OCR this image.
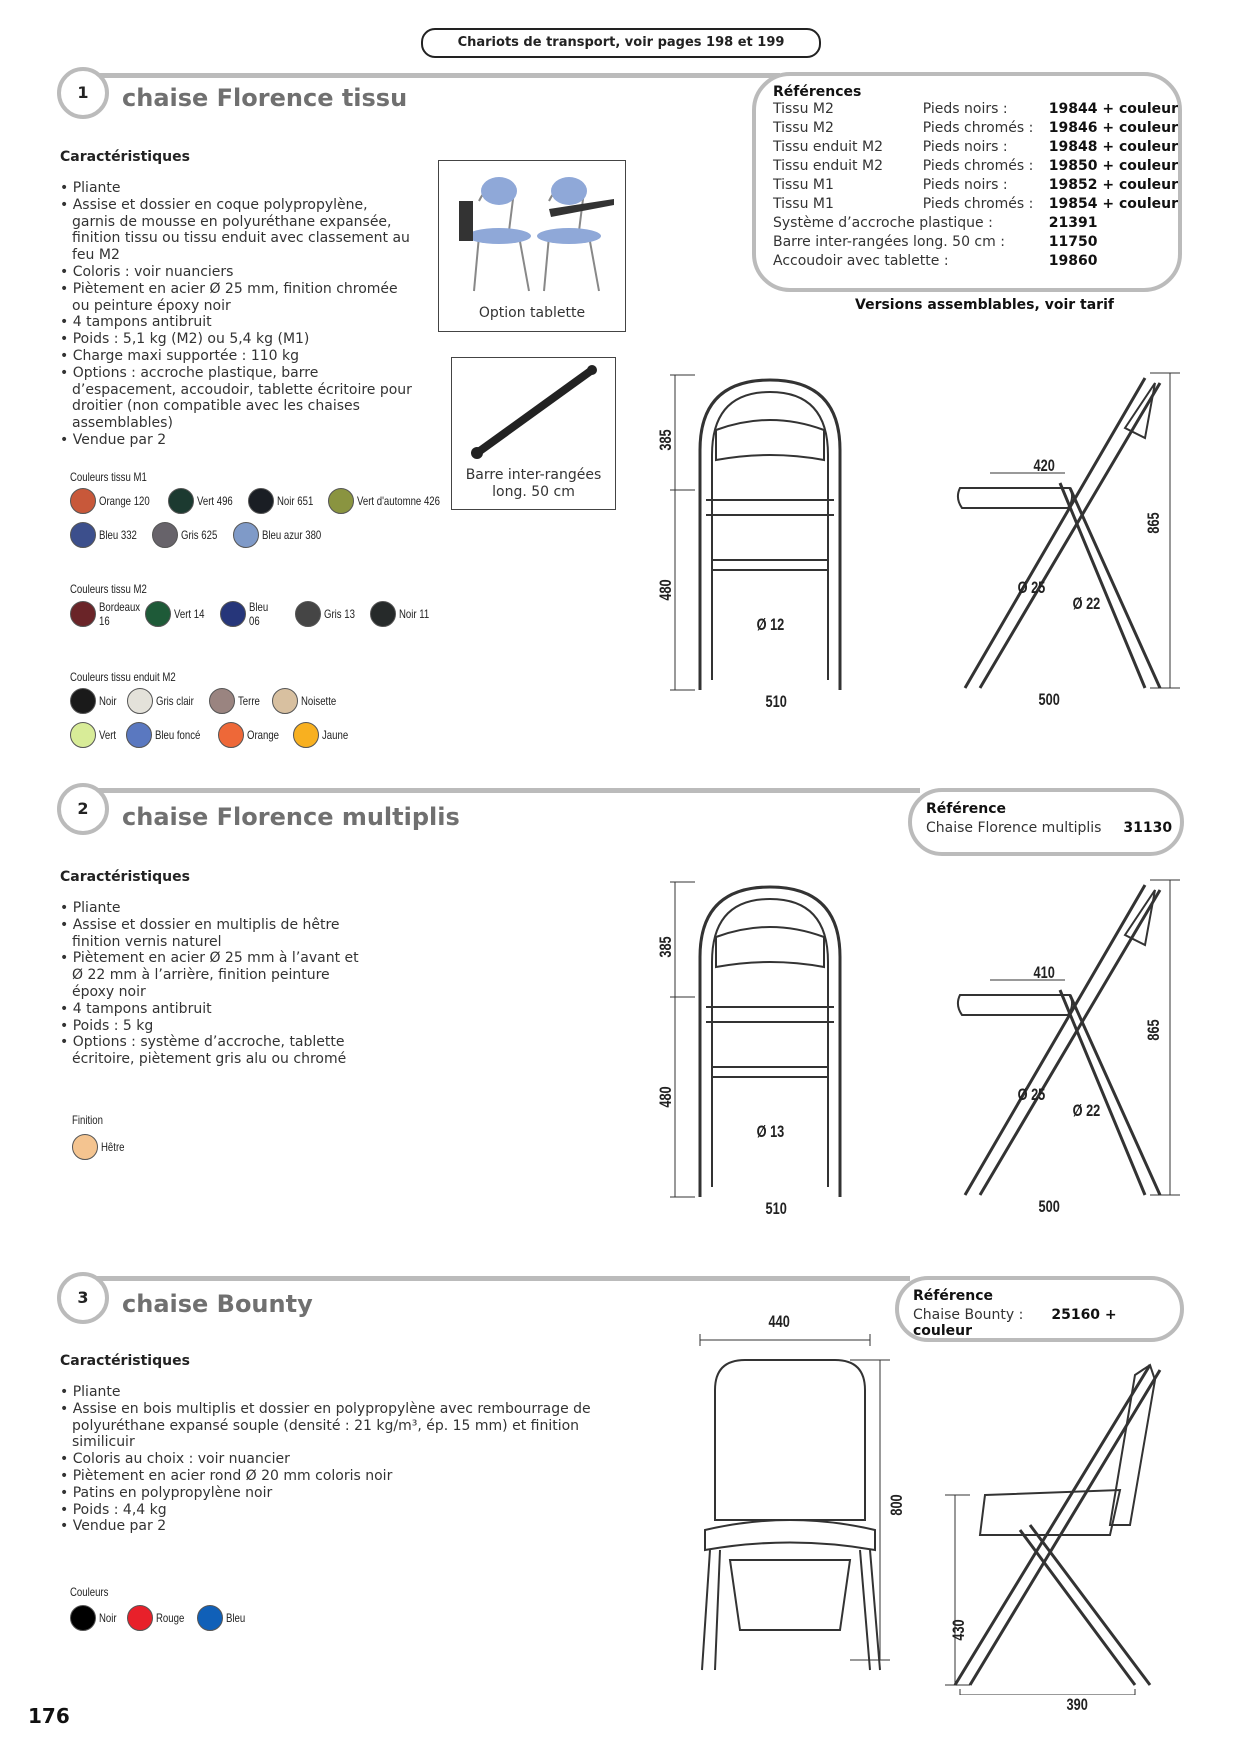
Chariots de transport, voir pages 198 et 199
1	chaise Florence tissu
Caractéristiques
• Pliante
• Assise et dossier en coque polypropylène, garnis de mousse en polyuréthane expansée, finition tissu ou tissu enduit avec classement au feu M2
• Coloris : voir nuanciers
• Piètement en acier Ø 25 mm, finition chromée ou peinture époxy noir
• 4 tampons antibruit
• Poids : 5,1 kg (M2) ou 5,4 kg (M1)
• Charge maxi supportée : 110 kg
• Options : accroche plastique, barre d’espacement, accoudoir, tablette écritoire pour droitier (non compatible avec les chaises assemblables)
• Vendue par 2
Couleurs tissu M1
Orange 120	Vert 496	Noir 651	Vert d'automne 426
Bleu 332	Gris 625	Bleu azur 380
Couleurs tissu M2
Bordeaux 16	Vert 14	Bleu 06	Gris 13	Noir 11
Couleurs tissu enduit M2
Noir	Gris clair	Terre	Noisette
Vert	Bleu foncé	Orange	Jaune
Option tablette
Barre inter-rangées long. 50 cm
Références
Tissu M2	Pieds noirs :	19844 + couleur
Tissu M2	Pieds chromés :	19846 + couleur
Tissu enduit M2	Pieds noirs :	19848 + couleur
Tissu enduit M2	Pieds chromés :	19850 + couleur
Tissu M1	Pieds noirs :	19852 + couleur
Tissu M1	Pieds chromés :	19854 + couleur
Système d’accroche plastique :		21391
Barre inter-rangées long. 50 cm :		11750
Accoudoir avec tablette :		19860
Versions assemblables, voir tarif
2	chaise Florence multiplis	Référence
Chaise Florence multiplis 31130
Caractéristiques
• Pliante
• Assise et dossier en multiplis de hêtre finition vernis naturel
• Piètement en acier Ø 25 mm à l’avant et Ø 22 mm à l’arrière, finition peinture époxy noir
• 4 tampons antibruit
• Poids : 5 kg
• Options : système d’accroche, tablette écritoire, piètement gris alu ou chromé
Finition
Hêtre
3	chaise Bounty	Référence
Chaise Bounty : 25160 + couleur
Caractéristiques
• Pliante
• Assise en bois multiplis et dossier en polypropylène avec rembourrage de polyuréthane expansé souple (densité : 21 kg/m³, ép. 15 mm) et finition similicuir
• Coloris au choix : voir nuancier
• Piètement en acier rond Ø 20 mm coloris noir
• Patins en polypropylène noir
• Poids : 4,4 kg
• Vendue par 2
Couleurs
Noir	Rouge	Bleu
176
385
480
Ø 12
510
420
865
Ø 25
Ø 22
500
385
480
Ø 13
510
410
865
Ø 25
Ø 22
500
440
800
430
390
